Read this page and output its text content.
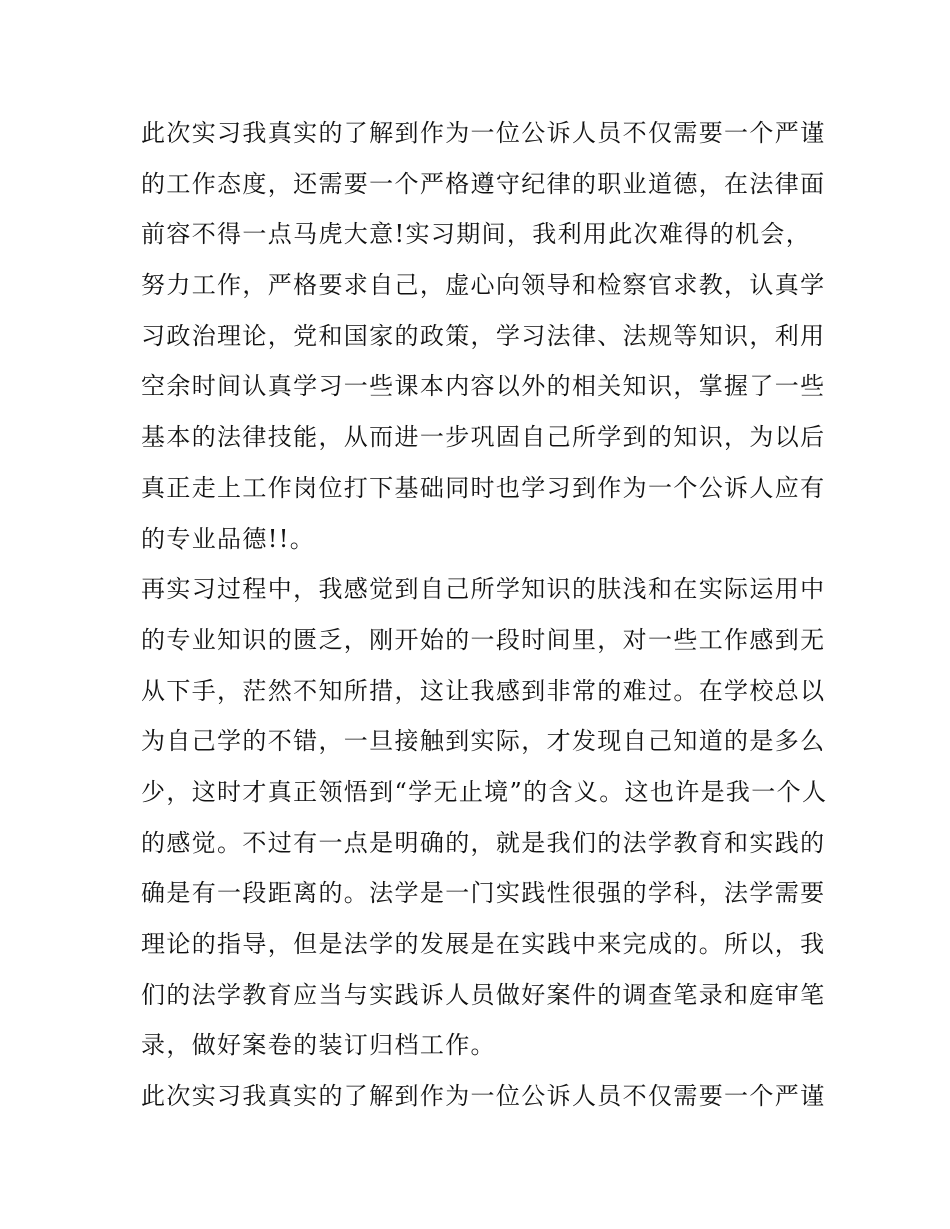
此次实习我真实的了解到作为一位公诉人员不仅需要一个严谨
的工作态度，还需要一个严格遵守纪律的职业道德，在法律面
前容不得一点马虎大意!实习期间，我利用此次难得的机会，
努力工作，严格要求自己，虚心向领导和检察官求教，认真学
习政治理论，党和国家的政策，学习法律、法规等知识，利用
空余时间认真学习一些课本内容以外的相关知识，掌握了一些
基本的法律技能，从而进一步巩固自己所学到的知识，为以后
真正走上工作岗位打下基础同时也学习到作为一个公诉人应有
的专业品德!!。
再实习过程中，我感觉到自己所学知识的肤浅和在实际运用中
的专业知识的匮乏，刚开始的一段时间里，对一些工作感到无
从下手，茫然不知所措，这让我感到非常的难过。在学校总以
为自己学的不错，一旦接触到实际，才发现自己知道的是多么
少，这时才真正领悟到“学无止境”的含义。这也许是我一个人
的感觉。不过有一点是明确的，就是我们的法学教育和实践的
确是有一段距离的。法学是一门实践性很强的学科，法学需要
理论的指导，但是法学的发展是在实践中来完成的。所以，我
们的法学教育应当与实践诉人员做好案件的调查笔录和庭审笔
录，做好案卷的装订归档工作。
此次实习我真实的了解到作为一位公诉人员不仅需要一个严谨
